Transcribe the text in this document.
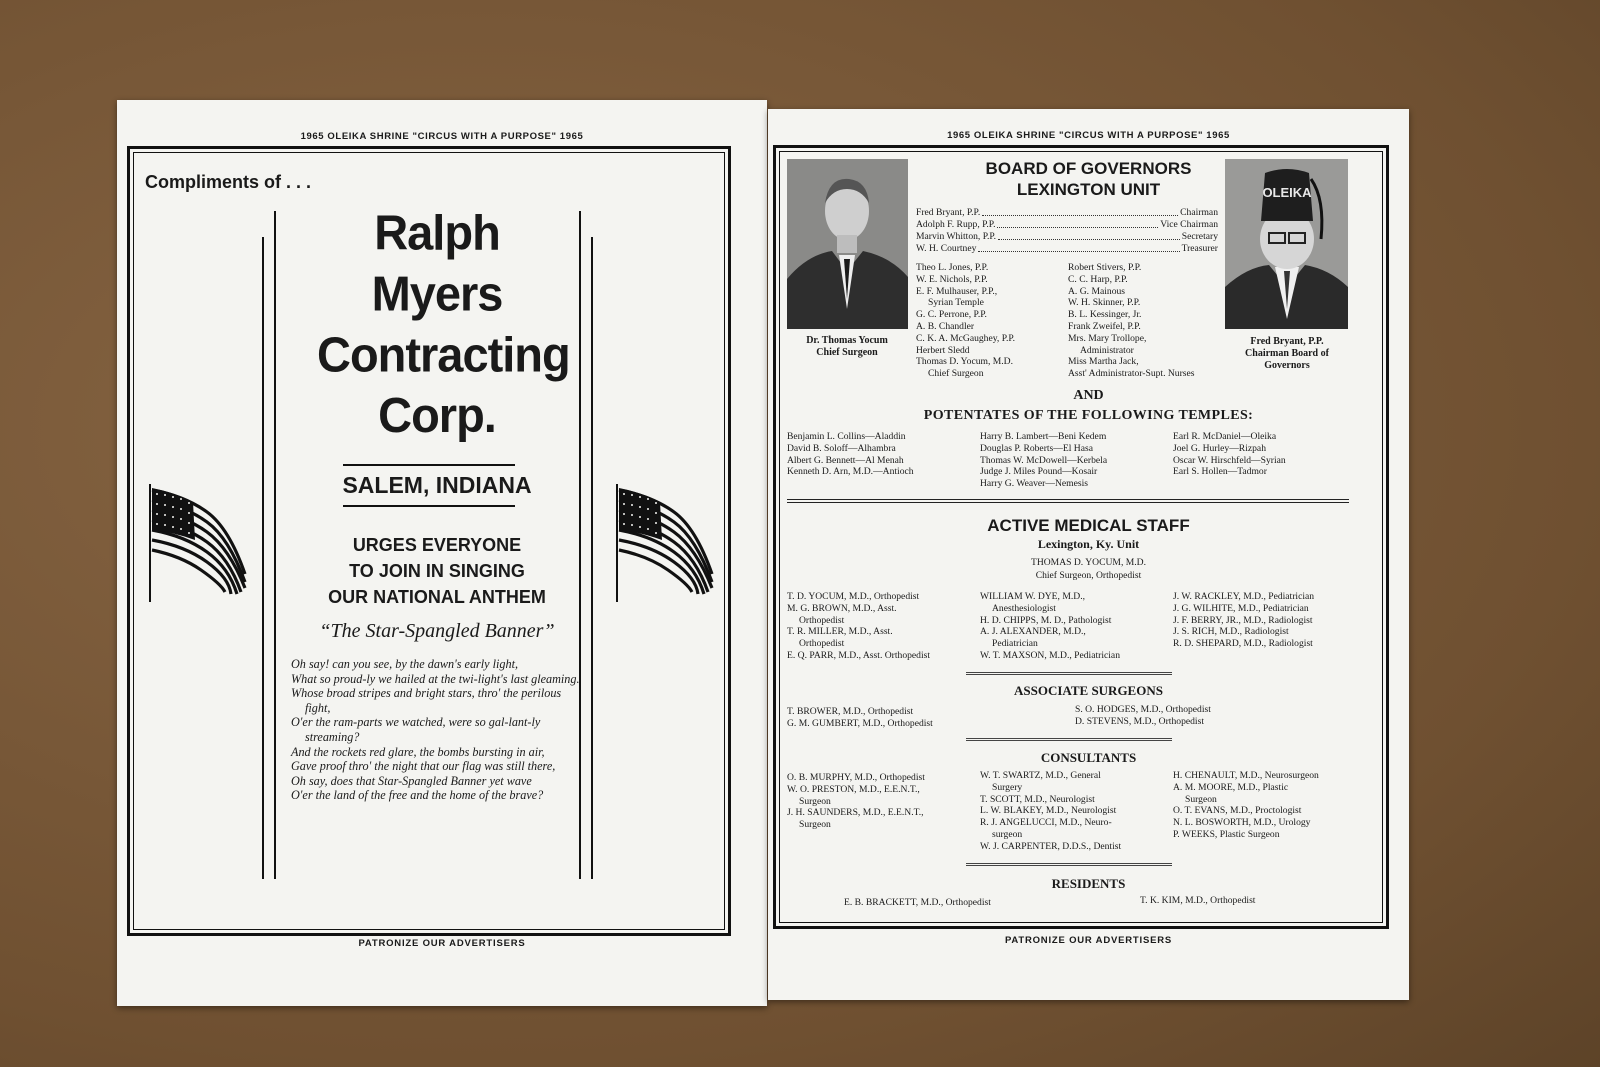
1965 OLEIKA SHRINE "CIRCUS WITH A PURPOSE" 1965
Compliments of . . .
Ralph
Myers
Contracting
Corp.
SALEM, INDIANA
URGES EVERYONE
TO JOIN IN SINGING
OUR NATIONAL ANTHEM
“The Star-Spangled Banner”
Oh say! can you see, by the dawn's early light,
What so proud-ly we hailed at the twi-light's last gleaming.
Whose broad stripes and bright stars, thro' the perilous fight,
O'er the ram-parts we watched, were so gal-lant-ly streaming?
And the rockets red glare, the bombs bursting in air,
Gave proof thro' the night that our flag was still there,
Oh say, does that Star-Spangled Banner yet wave
O'er the land of the free and the home of the brave?
PATRONIZE OUR ADVERTISERS
1965 OLEIKA SHRINE "CIRCUS WITH A PURPOSE" 1965
Dr. Thomas Yocum
Chief Surgeon
OLEIKA
Fred Bryant, P.P.
Chairman Board of
Governors
BOARD OF GOVERNORS
LEXINGTON UNIT
Fred Bryant, P.P.	Chairman
Adolph F. Rupp, P.P.	Vice Chairman
Marvin Whitton, P.P.	Secretary
W. H. Courtney	Treasurer
Theo L. Jones, P.P.
W. E. Nichols, P.P.
E. F. Mulhauser, P.P.,
Syrian Temple
G. C. Perrone, P.P.
A. B. Chandler
C. K. A. McGaughey, P.P.
Herbert Sledd
Thomas D. Yocum, M.D.
Chief Surgeon
Robert Stivers, P.P.
C. C. Harp, P.P.
A. G. Mainous
W. H. Skinner, P.P.
B. L. Kessinger, Jr.
Frank Zweifel, P.P.
Mrs. Mary Trollope,
Administrator
Miss Martha Jack,
Asst' Administrator-Supt. Nurses
AND
POTENTATES OF THE FOLLOWING TEMPLES:
Benjamin L. Collins—Aladdin
David B. Soloff—Alhambra
Albert G. Bennett—Al Menah
Kenneth D. Arn, M.D.—Antioch
Harry B. Lambert—Beni Kedem
Douglas P. Roberts—El Hasa
Thomas W. McDowell—Kerbela
Judge J. Miles Pound—Kosair
Harry G. Weaver—Nemesis
Earl R. McDaniel—Oleika
Joel G. Hurley—Rizpah
Oscar W. Hirschfeld—Syrian
Earl S. Hollen—Tadmor
ACTIVE MEDICAL STAFF
Lexington, Ky. Unit
THOMAS D. YOCUM, M.D.
Chief Surgeon, Orthopedist
T. D. YOCUM, M.D., Orthopedist
M. G. BROWN, M.D., Asst.
Orthopedist
T. R. MILLER, M.D., Asst.
Orthopedist
E. Q. PARR, M.D., Asst. Orthopedist
WILLIAM W. DYE, M.D.,
Anesthesiologist
H. D. CHIPPS, M. D., Pathologist
A. J. ALEXANDER, M.D.,
Pediatrician
W. T. MAXSON, M.D., Pediatrician
J. W. RACKLEY, M.D., Pediatrician
J. G. WILHITE, M.D., Pediatrician
J. F. BERRY, JR., M.D., Radiologist
J. S. RICH, M.D., Radiologist
R. D. SHEPARD, M.D., Radiologist
ASSOCIATE SURGEONS
T. BROWER, M.D., Orthopedist
G. M. GUMBERT, M.D., Orthopedist
S. O. HODGES, M.D., Orthopedist
D. STEVENS, M.D., Orthopedist
CONSULTANTS
O. B. MURPHY, M.D., Orthopedist
W. O. PRESTON, M.D., E.E.N.T.,
Surgeon
J. H. SAUNDERS, M.D., E.E.N.T.,
Surgeon
W. T. SWARTZ, M.D., General
Surgery
T. SCOTT, M.D., Neurologist
L. W. BLAKEY, M.D., Neurologist
R. J. ANGELUCCI, M.D., Neuro-
surgeon
W. J. CARPENTER, D.D.S., Dentist
H. CHENAULT, M.D., Neurosurgeon
A. M. MOORE, M.D., Plastic
Surgeon
O. T. EVANS, M.D., Proctologist
N. L. BOSWORTH, M.D., Urology
P. WEEKS, Plastic Surgeon
RESIDENTS
E. B. BRACKETT, M.D., Orthopedist	T. K. KIM, M.D., Orthopedist
PATRONIZE OUR ADVERTISERS
